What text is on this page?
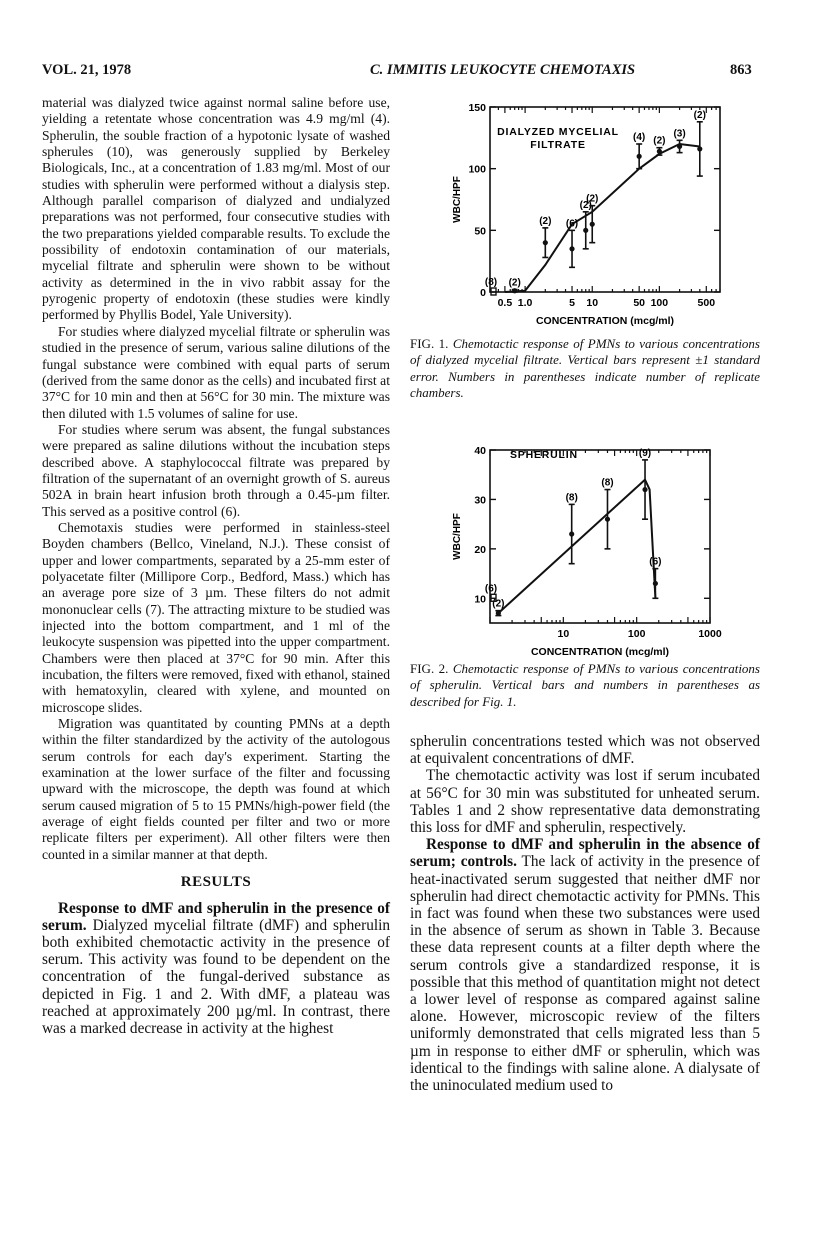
VOL. 21, 1978	C. IMMITIS LEUKOCYTE CHEMOTAXIS	863

material was dialyzed twice against normal saline before use, yielding a retentate whose concentration was 4.9 mg/ml (4). Spherulin, the souble fraction of a hypotonic lysate of washed spherules (10), was generously supplied by Berkeley Biologicals, Inc., at a concentration of 1.83 mg/ml. Most of our studies with spherulin were performed without a dialysis step. Although parallel comparison of dialyzed and undialyzed preparations was not performed, four consecutive studies with the two preparations yielded comparable results. To exclude the possibility of endotoxin contamination of our materials, mycelial filtrate and spherulin were shown to be without activity as determined in the in vivo rabbit assay for the pyrogenic property of endotoxin (these studies were kindly performed by Phyllis Bodel, Yale University).

For studies where dialyzed mycelial filtrate or spherulin was studied in the presence of serum, various saline dilutions of the fungal substance were combined with equal parts of serum (derived from the same donor as the cells) and incubated first at 37°C for 10 min and then at 56°C for 30 min. The mixture was then diluted with 1.5 volumes of saline for use.

For studies where serum was absent, the fungal substances were prepared as saline dilutions without the incubation steps described above. A staphylococcal filtrate was prepared by filtration of the supernatant of an overnight growth of S. aureus 502A in brain heart infusion broth through a 0.45-µm filter. This served as a positive control (6).

Chemotaxis studies were performed in stainless-steel Boyden chambers (Bellco, Vineland, N.J.). These consist of upper and lower compartments, separated by a 25-mm ester of polyacetate filter (Millipore Corp., Bedford, Mass.) which has an average pore size of 3 µm. These filters do not admit mononuclear cells (7). The attracting mixture to be studied was injected into the bottom compartment, and 1 ml of the leukocyte suspension was pipetted into the upper compartment. Chambers were then placed at 37°C for 90 min. After this incubation, the filters were removed, fixed with ethanol, stained with hematoxylin, cleared with xylene, and mounted on microscope slides.

Migration was quantitated by counting PMNs at a depth within the filter standardized by the activity of the autologous serum controls for each day's experiment. Starting the examination at the lower surface of the filter and focussing upward with the microscope, the depth was found at which serum caused migration of 5 to 15 PMNs/high-power field (the average of eight fields counted per filter and two or more replicate filters per experiment). All other filters were then counted in a similar manner at that depth.

RESULTS

Response to dMF and spherulin in the presence of serum. Dialyzed mycelial filtrate (dMF) and spherulin both exhibited chemotactic activity in the presence of serum. This activity was found to be dependent on the concentration of the fungal-derived substance as depicted in Fig. 1 and 2. With dMF, a plateau was reached at approximately 200 µg/ml. In contrast, there was a marked decrease in activity at the highest

spherulin concentrations tested which was not observed at equivalent concentrations of dMF.

The chemotactic activity was lost if serum incubated at 56°C for 30 min was substituted for unheated serum. Tables 1 and 2 show representative data demonstrating this loss for dMF and spherulin, respectively.

Response to dMF and spherulin in the absence of serum; controls. The lack of activity in the presence of heat-inactivated serum suggested that neither dMF nor spherulin had direct chemotactic activity for PMNs. This in fact was found when these two substances were used in the absence of serum as shown in Table 3. Because these data represent counts at a filter depth where the serum controls give a standardized response, it is possible that this method of quantitation might not detect a lower level of response as compared against saline alone. However, microscopic review of the filters uniformly demonstrated that cells migrated less than 5 µm in response to either dMF or spherulin, which was identical to the findings with saline alone. A dialysate of the uninoculated medium used to

0
50
100
150
0.5 1.0	5 10	50 100	500
CONCENTRATION (mcg/ml)
WBC/HPF
DIALYZED MYCELIAL
FILTRATE
(2)
(2) (6)
(2)
(2)
(4) (2)
(3)
(2)
(8)
FIG. 1. Chemotactic response of PMNs to various concentrations of dialyzed mycelial filtrate. Vertical bars represent ±1 standard error. Numbers in parentheses indicate number of replicate chambers.
10
20
30
40
10	100	1000
CONCENTRATION (mcg/ml)
WBC/HPF
SPHERULIN
(2)
(8)
(8)
(9)
(6)
(6)
FIG. 2. Chemotactic response of PMNs to various concentrations of spherulin. Vertical bars and numbers in parentheses as described for Fig. 1.
